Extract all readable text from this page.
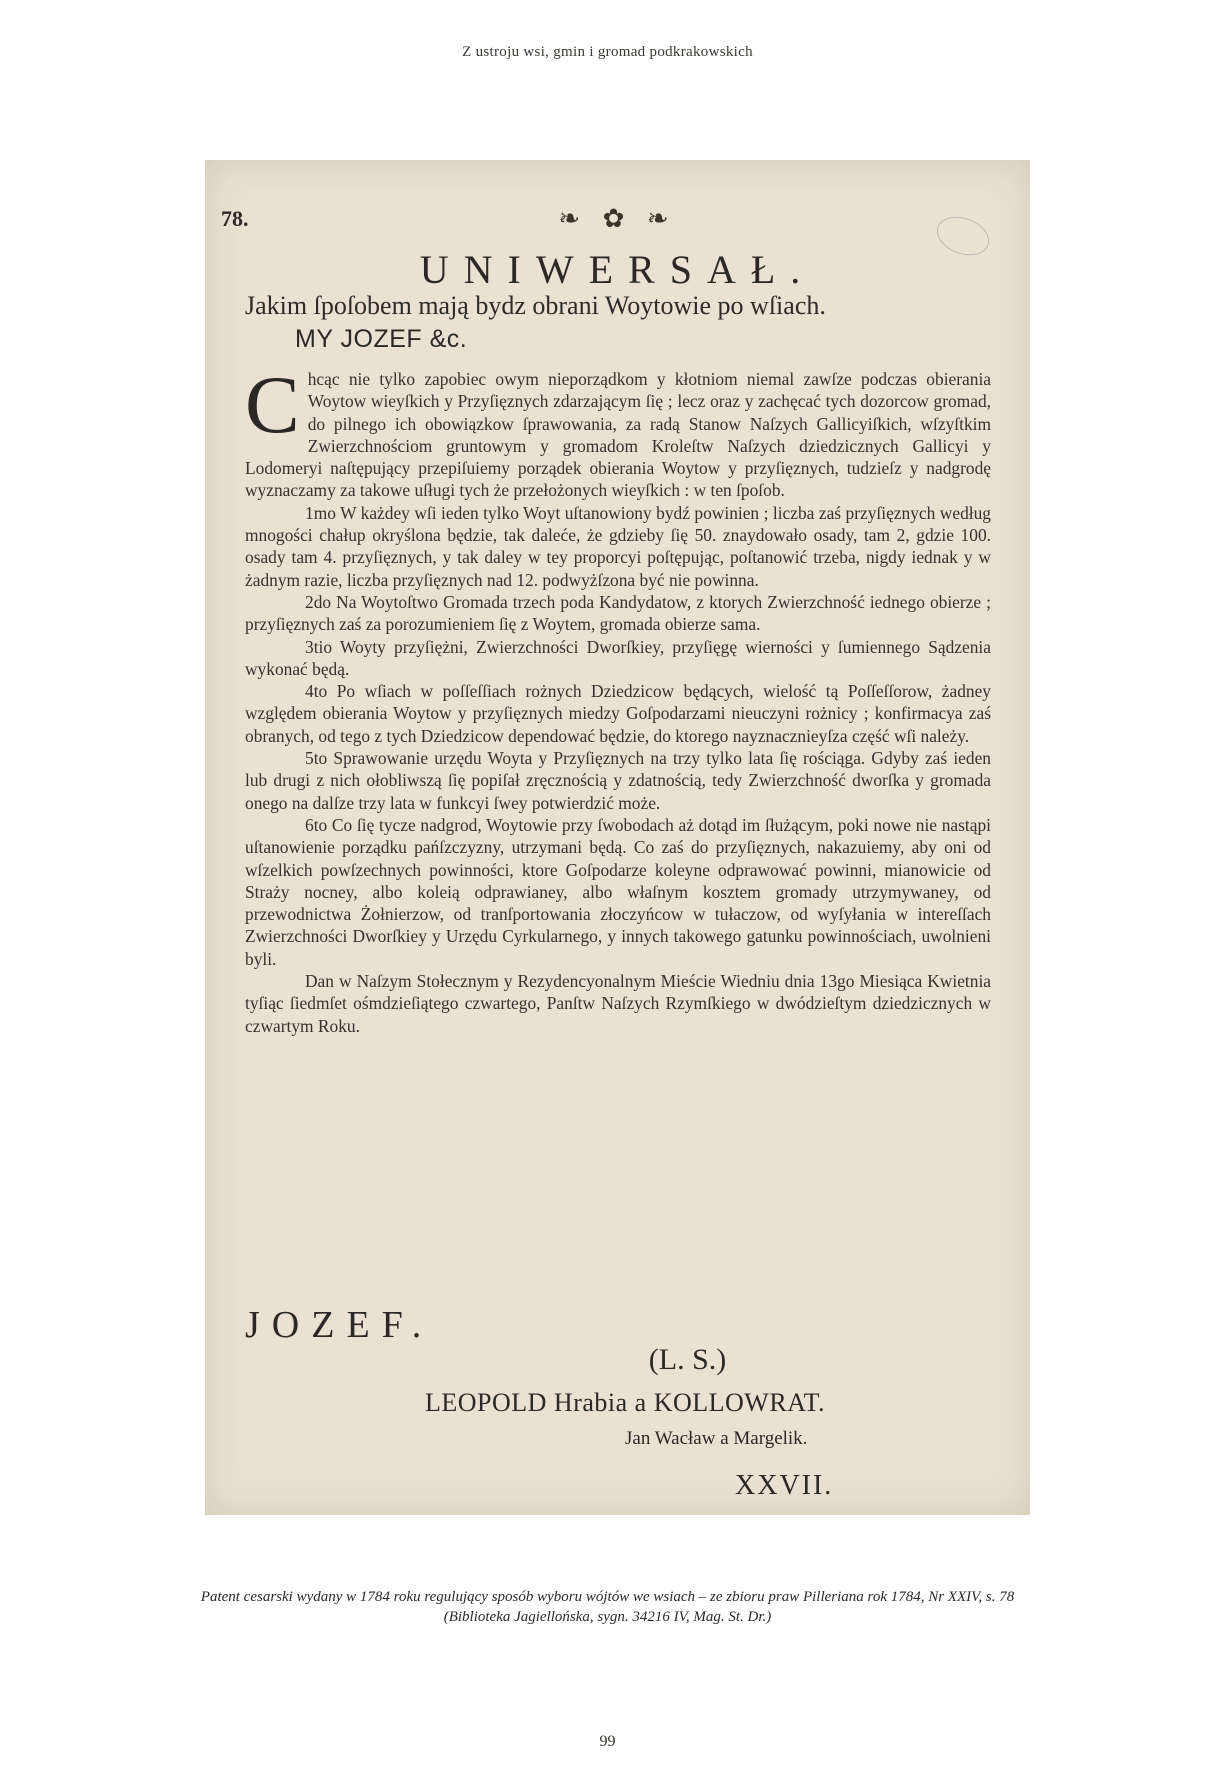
Z ustroju wsi, gmin i gromad podkrakowskich
78.	❧ ✿ ❧
UNIWERSAŁ.
Jakim ſpoſobem mają bydz obrani Woytowie po wſiach.
MY JOZEF &c.

Chcąc nie tylko zapobiec owym nieporządkom y kłotniom niemal zawſze podczas obierania Woytow wieyſkich y Przyſięznych zdarzającym ſię ; lecz oraz y zachęcać tych dozorcow gromad, do pilnego ich obowiązkow ſprawowania, za radą Stanow Naſzych Gallicyiſkich, wſzyſtkim Zwierzchnościom gruntowym y gromadom Kroleſtw Naſzych dziedzicznych Gallicyi y Lodomeryi naſtępujący przepiſuiemy porządek obierania Woytow y przyſięznych, tudzieſz y nadgrodę wyznaczamy za takowe uſługi tych że przełożonych wieyſkich : w ten ſpoſob.

1mo W każdey wſi ieden tylko Woyt uſtanowiony bydź powinien ; liczba zaś przyſięznych według mnogości chałup okryślona będzie, tak daleće, że gdzieby ſię 50. znaydowało osady, tam 2, gdzie 100. osady tam 4. przyſięznych, y tak daley w tey proporcyi poſtępując, poſtanowić trzeba, nigdy iednak y w żadnym razie, liczba przyſięznych nad 12. podwyżſzona być nie powinna.

2do Na Woytoſtwo Gromada trzech poda Kandydatow, z ktorych Zwierzchność iednego obierze ; przyſięznych zaś za porozumieniem ſię z Woytem, gromada obierze sama.

3tio Woyty przyſiężni, Zwierzchności Dworſkiey, przyſięgę wierności y ſumiennego Sądzenia wykonać będą.

4to Po wſiach w poſſeſſiach rożnych Dziedzicow będących, wielość tą Poſſeſſorow, żadney względem obierania Woytow y przyſięznych miedzy Goſpodarzami nieuczyni rożnicy ; konfirmacya zaś obranych, od tego z tych Dziedzicow dependować będzie, do ktorego nayznacznieyſza część wſi należy.

5to Sprawowanie urzędu Woyta y Przyſięznych na trzy tylko lata ſię rościąga. Gdyby zaś ieden lub drugi z nich ołobliwszą ſię popiſał zręcznością y zdatnością, tedy Zwierzchność dworſka y gromada onego na dalſze trzy lata w funkcyi ſwey potwierdzić może.

6to Co ſię tycze nadgrod, Woytowie przy ſwobodach aż dotąd im ſłużącym, poki nowe nie nastąpi uſtanowienie porządku pańſzczyzny, utrzymani będą. Co zaś do przyſięznych, nakazuiemy, aby oni od wſzelkich powſzechnych powinności, ktore Goſpodarze koleyne odprawować powinni, mianowicie od Straży nocney, albo koleią odprawianey, albo właſnym kosztem gromady utrzymywaney, od przewodnictwa Żołnierzow, od tranſportowania złoczyńcow w tułaczow, od wyſyłania w intereſſach Zwierzchności Dworſkiey y Urzędu Cyrkularnego, y innych takowego gatunku powinnościach, uwolnieni byli.

Dan w Naſzym Stołecznym y Rezydencyonalnym Mieście Wiedniu dnia 13go Miesiąca Kwietnia tyſiąc ſiedmſet ośmdzieſiątego czwartego, Panſtw Naſzych Rzymſkiego w dwódzieſtym dziedzicznych w czwartym Roku.

JOZEF.
(L. S.)
LEOPOLD Hrabia a KOLLOWRAT.
Jan Wacław a Margelik.
XXVII.
Patent cesarski wydany w 1784 roku regulujący sposób wyboru wójtów we wsiach – ze zbioru praw Pilleriana rok 1784, Nr XXIV, s. 78
(Biblioteka Jagiellońska, sygn. 34216 IV, Mag. St. Dr.)
99
